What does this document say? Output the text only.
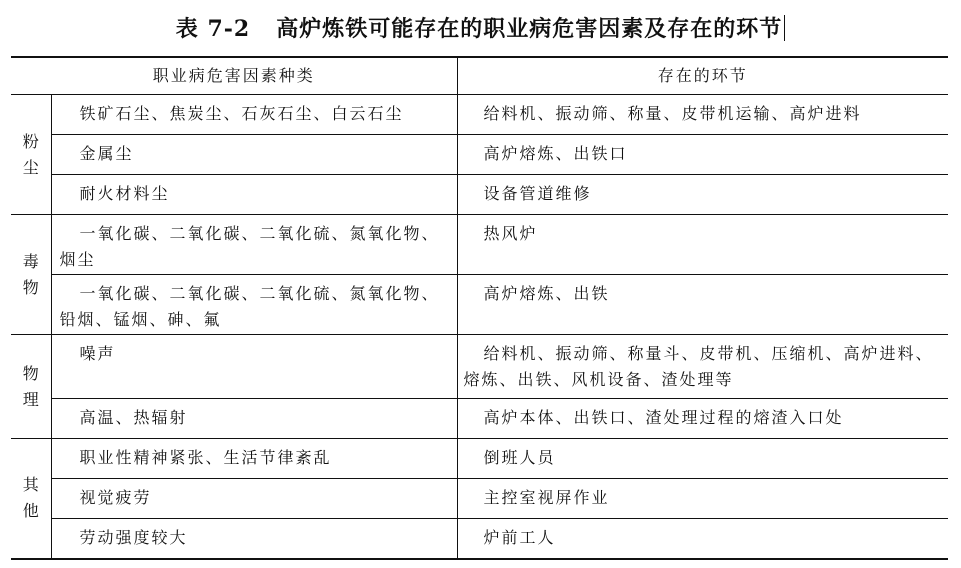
表 7-2 高炉炼铁可能存在的职业病危害因素及存在的环节
职业病危害因素种类		存在的环节

粉尘	铁矿石尘、焦炭尘、石灰石尘、白云石尘	给料机、振动筛、称量、皮带机运输、高炉进料
	金属尘	高炉熔炼、出铁口
	耐火材料尘	设备管道维修

毒物	一氧化碳、二氧化碳、二氧化硫、氮氧化物、烟尘	热风炉
	一氧化碳、二氧化碳、二氧化硫、氮氧化物、铅烟、锰烟、砷、氟	高炉熔炼、出铁

物理	噪声	给料机、振动筛、称量斗、皮带机、压缩机、高炉进料、熔炼、出铁、风机设备、渣处理等
	高温、热辐射	高炉本体、出铁口、渣处理过程的熔渣入口处

其他	职业性精神紧张、生活节律紊乱	倒班人员
	视觉疲劳	主控室视屏作业
	劳动强度较大	炉前工人
